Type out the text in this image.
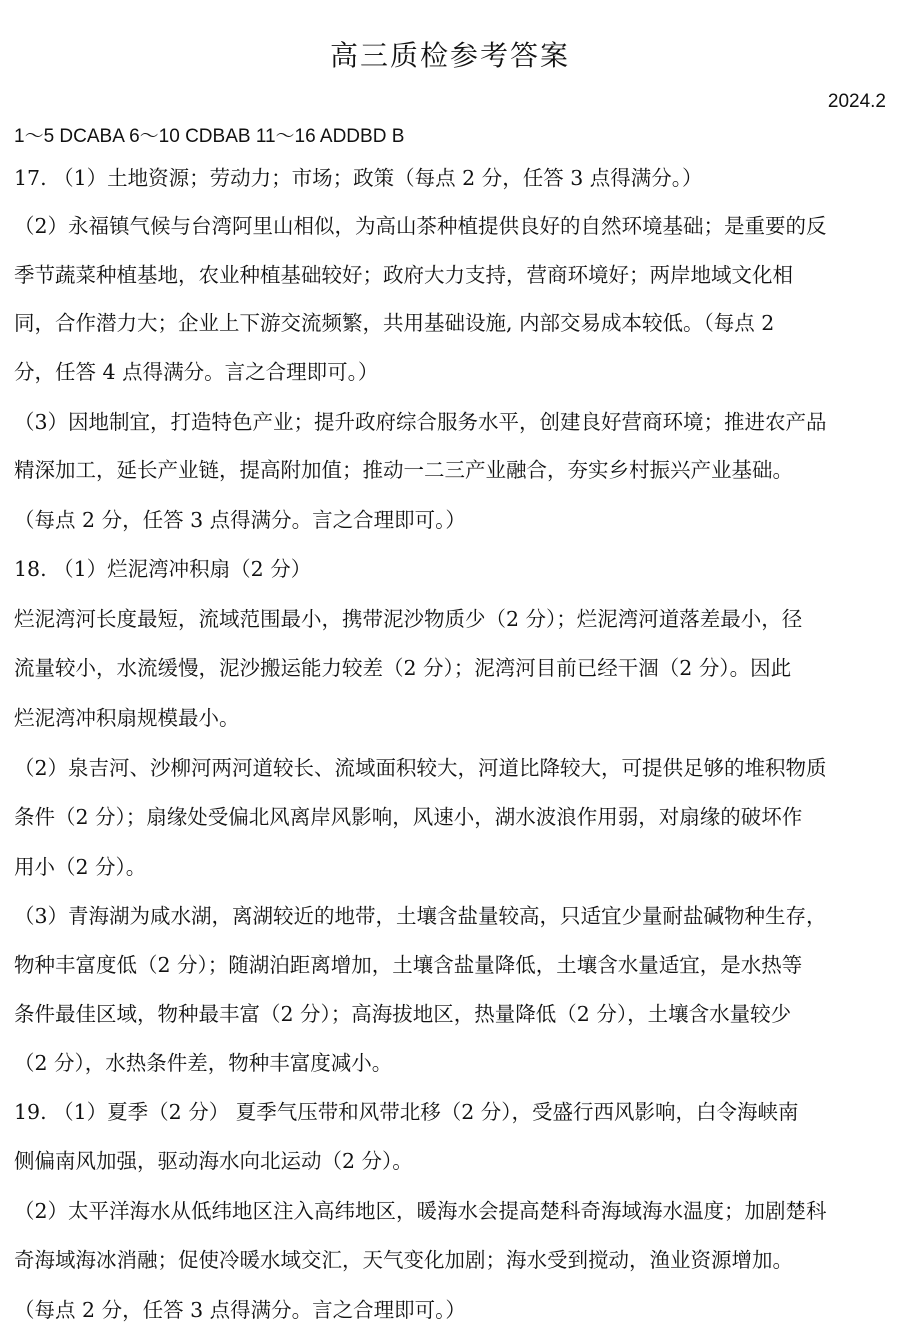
高三质检参考答案
2024.2
1～5 DCABA 6～10 CDBAB 11～16 ADDBD B
17. （1）土地资源；劳动力；市场；政策（每点 2 分，任答 3 点得满分。）
（2）永福镇气候与台湾阿里山相似，为高山茶种植提供良好的自然环境基础；是重要的反
季节蔬菜种植基地，农业种植基础较好；政府大力支持，营商环境好；两岸地域文化相
同，合作潜力大；企业上下游交流频繁，共用基础设施, 内部交易成本较低。（每点 2
分，任答 4 点得满分。言之合理即可。）
（3）因地制宜，打造特色产业；提升政府综合服务水平，创建良好营商环境；推进农产品
精深加工，延长产业链，提高附加值；推动一二三产业融合，夯实乡村振兴产业基础。
（每点 2 分，任答 3 点得满分。言之合理即可。）
18. （1）烂泥湾冲积扇（2 分）
烂泥湾河长度最短，流域范围最小，携带泥沙物质少（2 分）；烂泥湾河道落差最小，径
流量较小，水流缓慢，泥沙搬运能力较差（2 分）；泥湾河目前已经干涸（2 分）。因此
烂泥湾冲积扇规模最小。
（2）泉吉河、沙柳河两河道较长、流域面积较大，河道比降较大，可提供足够的堆积物质
条件（2 分）；扇缘处受偏北风离岸风影响，风速小，湖水波浪作用弱，对扇缘的破坏作
用小（2 分）。
（3）青海湖为咸水湖，离湖较近的地带，土壤含盐量较高，只适宜少量耐盐碱物种生存，
物种丰富度低（2 分）；随湖泊距离增加，土壤含盐量降低，土壤含水量适宜，是水热等
条件最佳区域，物种最丰富（2 分）；高海拔地区，热量降低（2 分），土壤含水量较少
（2 分），水热条件差，物种丰富度减小。
19. （1）夏季（2 分） 夏季气压带和风带北移（2 分），受盛行西风影响，白令海峡南
侧偏南风加强，驱动海水向北运动（2 分）。
（2）太平洋海水从低纬地区注入高纬地区，暖海水会提高楚科奇海域海水温度；加剧楚科
奇海域海冰消融；促使冷暖水域交汇，天气变化加剧；海水受到搅动，渔业资源增加。
（每点 2 分，任答 3 点得满分。言之合理即可。）
